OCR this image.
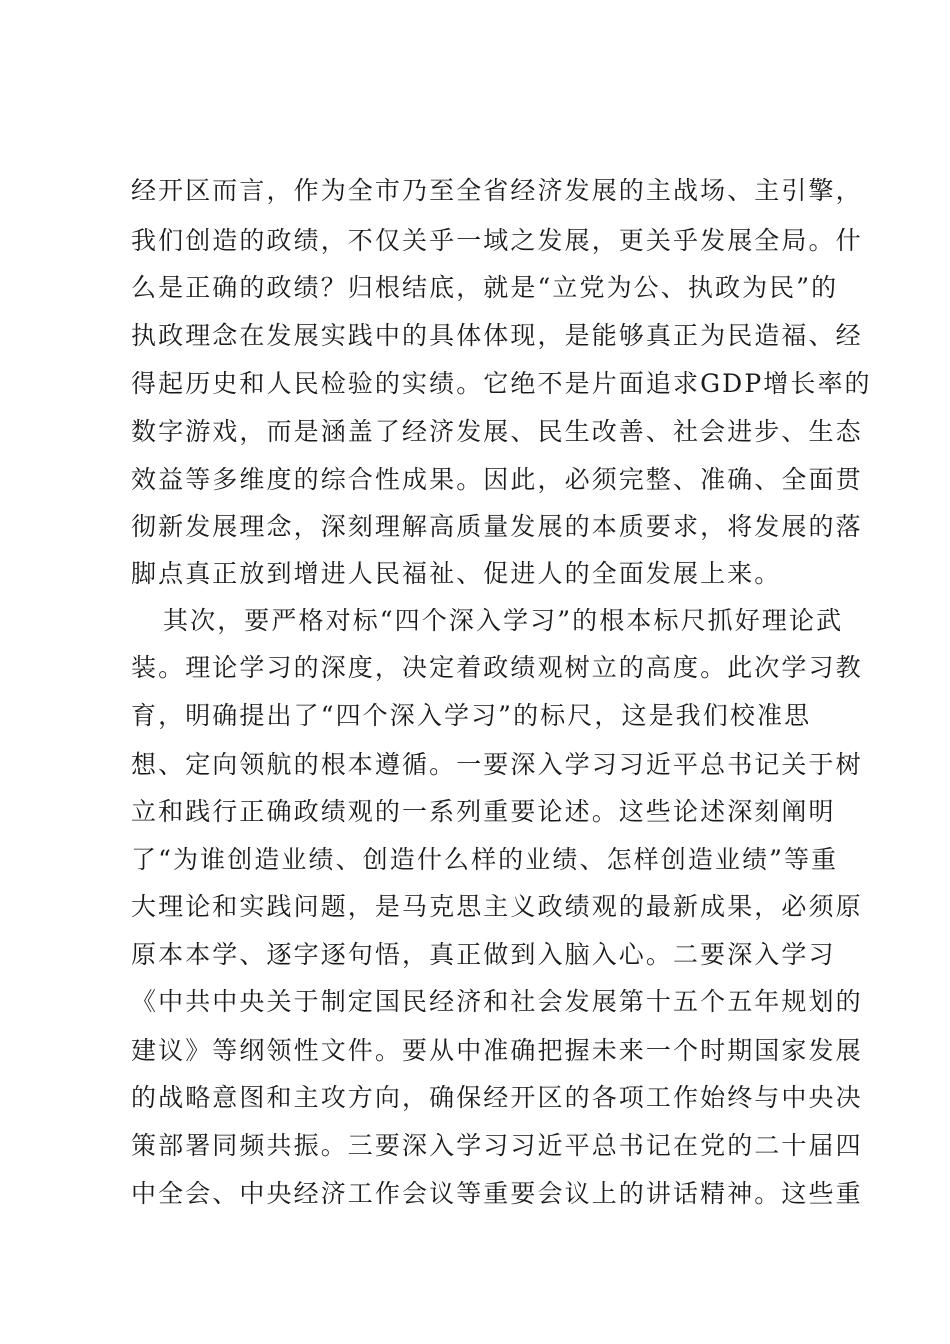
经开区而言，作为全市乃至全省经济发展的主战场、主引擎，
我们创造的政绩，不仅关乎一域之发展，更关乎发展全局。什
么是正确的政绩？归根结底，就是“立党为公、执政为民”的
执政理念在发展实践中的具体体现，是能够真正为民造福、经
得起历史和人民检验的实绩。它绝不是片面追求GDP增长率的
数字游戏，而是涵盖了经济发展、民生改善、社会进步、生态
效益等多维度的综合性成果。因此，必须完整、准确、全面贯
彻新发展理念，深刻理解高质量发展的本质要求，将发展的落
脚点真正放到增进人民福祉、促进人的全面发展上来。
其次，要严格对标“四个深入学习”的根本标尺抓好理论武
装。理论学习的深度，决定着政绩观树立的高度。此次学习教
育，明确提出了“四个深入学习”的标尺，这是我们校准思
想、定向领航的根本遵循。一要深入学习习近平总书记关于树
立和践行正确政绩观的一系列重要论述。这些论述深刻阐明
了“为谁创造业绩、创造什么样的业绩、怎样创造业绩”等重
大理论和实践问题，是马克思主义政绩观的最新成果，必须原
原本本学、逐字逐句悟，真正做到入脑入心。二要深入学习
《中共中央关于制定国民经济和社会发展第十五个五年规划的
建议》等纲领性文件。要从中准确把握未来一个时期国家发展
的战略意图和主攻方向，确保经开区的各项工作始终与中央决
策部署同频共振。三要深入学习习近平总书记在党的二十届四
中全会、中央经济工作会议等重要会议上的讲话精神。这些重
